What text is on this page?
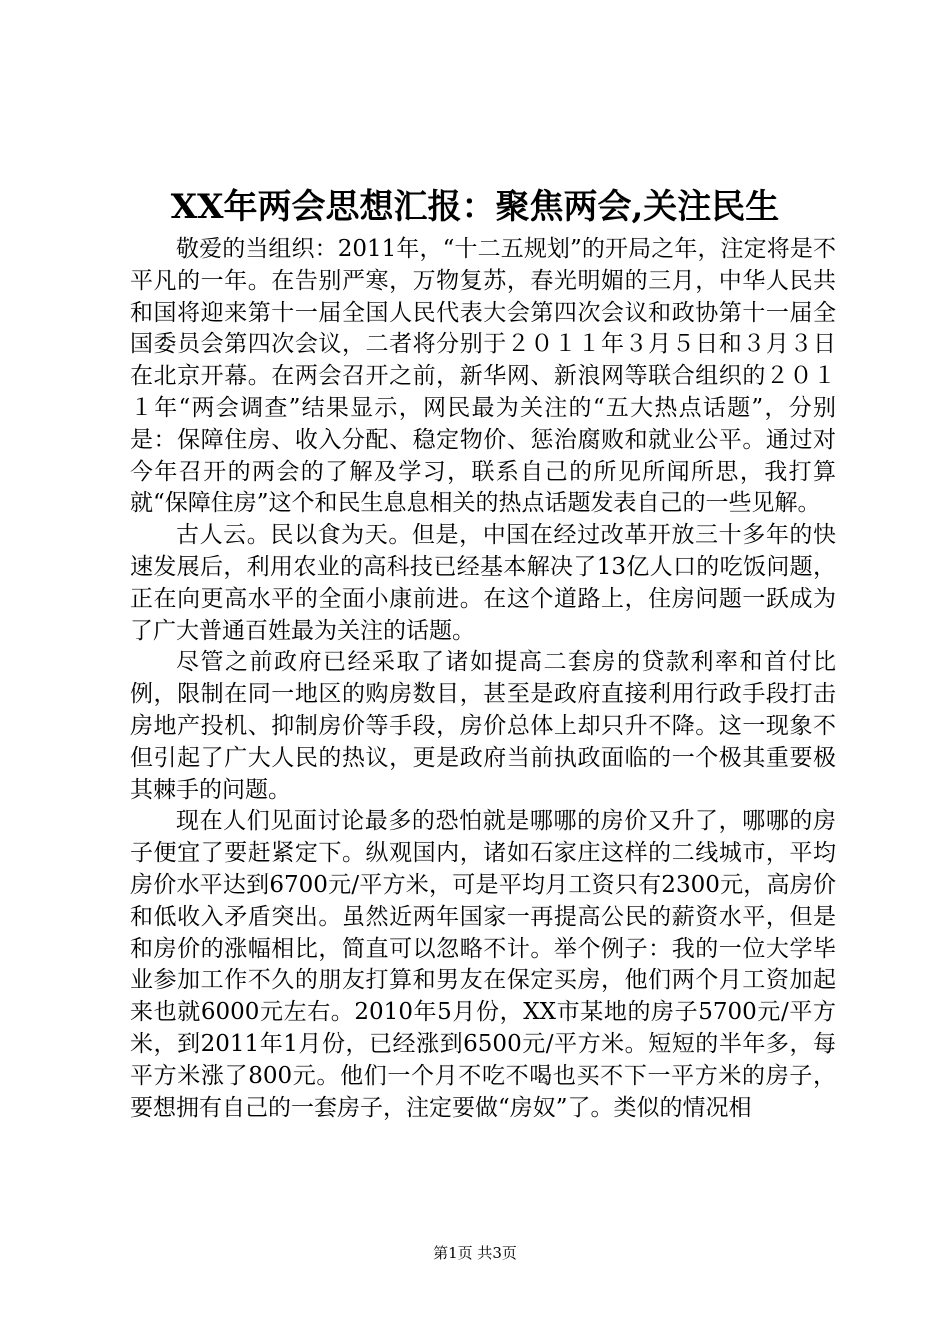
XX年两会思想汇报：聚焦两会,关注民生

敬爱的当组织：2011年，“十二五规划”的开局之年，注定将是不平凡的一年。在告别严寒，万物复苏，春光明媚的三月，中华人民共和国将迎来第十一届全国人民代表大会第四次会议和政协第十一届全国委员会第四次会议，二者将分别于２０１１年３月５日和３月３日在北京开幕。在两会召开之前，新华网、新浪网等联合组织的２０１１年“两会调查”结果显示，网民最为关注的“五大热点话题”，分别是：保障住房、收入分配、稳定物价、惩治腐败和就业公平。通过对今年召开的两会的了解及学习，联系自己的所见所闻所思，我打算就“保障住房”这个和民生息息相关的热点话题发表自己的一些见解。

古人云。民以食为天。但是，中国在经过改革开放三十多年的快速发展后，利用农业的高科技已经基本解决了13亿人口的吃饭问题，正在向更高水平的全面小康前进。在这个道路上，住房问题一跃成为了广大普通百姓最为关注的话题。

尽管之前政府已经采取了诸如提高二套房的贷款利率和首付比例，限制在同一地区的购房数目，甚至是政府直接利用行政手段打击房地产投机、抑制房价等手段，房价总体上却只升不降。这一现象不但引起了广大人民的热议，更是政府当前执政面临的一个极其重要极其棘手的问题。

现在人们见面讨论最多的恐怕就是哪哪的房价又升了，哪哪的房子便宜了要赶紧定下。纵观国内，诸如石家庄这样的二线城市，平均房价水平达到6700元/平方米，可是平均月工资只有2300元，高房价和低收入矛盾突出。虽然近两年国家一再提高公民的薪资水平，但是和房价的涨幅相比，简直可以忽略不计。举个例子：我的一位大学毕业参加工作不久的朋友打算和男友在保定买房，他们两个月工资加起来也就6000元左右。2010年5月份，XX市某地的房子5700元/平方米，到2011年1月份，已经涨到6500元/平方米。短短的半年多，每平方米涨了800元。他们一个月不吃不喝也买不下一平方米的房子，要想拥有自己的一套房子，注定要做“房奴”了。类似的情况相

第1页 共3页
